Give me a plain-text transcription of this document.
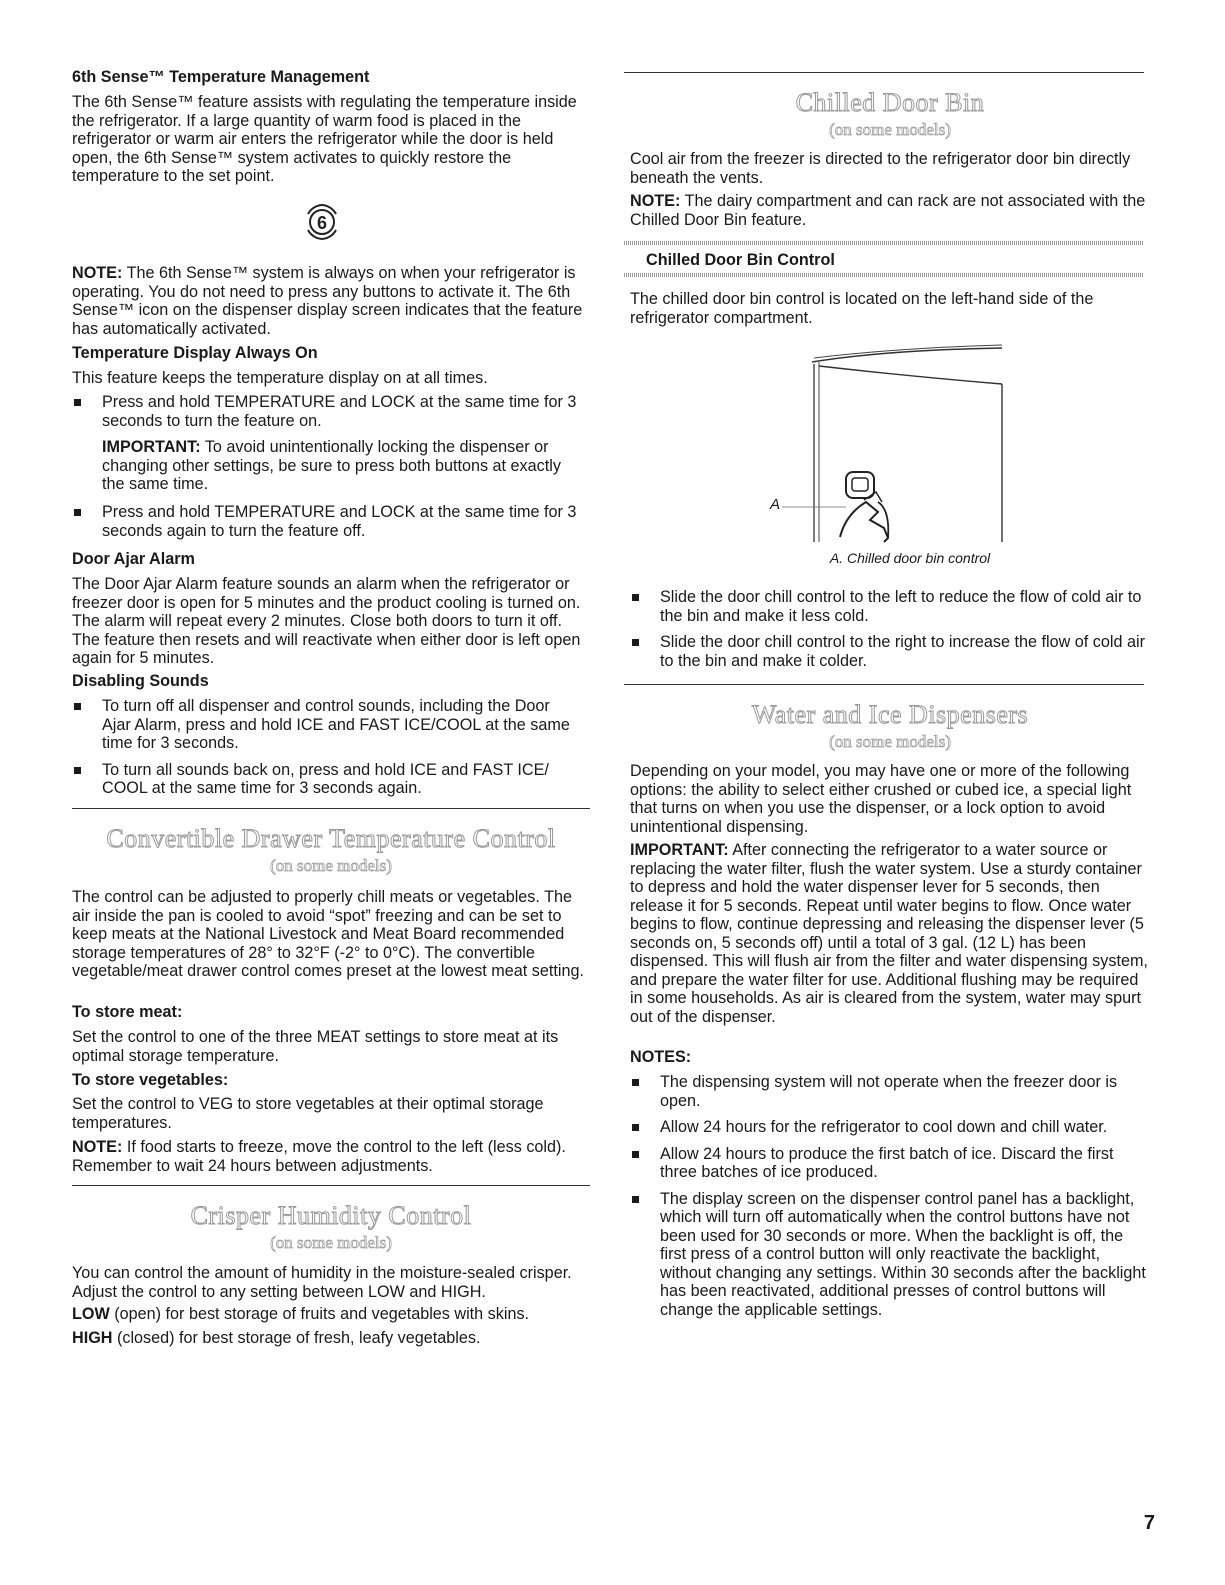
6th Sense™ Temperature Management

The 6th Sense™ feature assists with regulating the temperature inside the refrigerator. If a large quantity of warm food is placed in the refrigerator or warm air enters the refrigerator while the door is held open, the 6th Sense™ system activates to quickly restore the temperature to the set point.

6

NOTE: The 6th Sense™ system is always on when your refrigerator is operating. You do not need to press any buttons to activate it. The 6th Sense™ icon on the dispenser display screen indicates that the feature has automatically activated.

Temperature Display Always On

This feature keeps the temperature display on at all times.

Press and hold TEMPERATURE and LOCK at the same time for 3 seconds to turn the feature on.

IMPORTANT: To avoid unintentionally locking the dispenser or changing other settings, be sure to press both buttons at exactly the same time.

Press and hold TEMPERATURE and LOCK at the same time for 3 seconds again to turn the feature off.

Door Ajar Alarm

The Door Ajar Alarm feature sounds an alarm when the refrigerator or freezer door is open for 5 minutes and the product cooling is turned on. The alarm will repeat every 2 minutes. Close both doors to turn it off. The feature then resets and will reactivate when either door is left open again for 5 minutes.

Disabling Sounds

To turn off all dispenser and control sounds, including the Door Ajar Alarm, press and hold ICE and FAST ICE/COOL at the same time for 3 seconds.
To turn all sounds back on, press and hold ICE and FAST ICE/ COOL at the same time for 3 seconds again.
Convertible Drawer Temperature Control
(on some models)

The control can be adjusted to properly chill meats or vegetables. The air inside the pan is cooled to avoid “spot” freezing and can be set to keep meats at the National Livestock and Meat Board recommended storage temperatures of 28° to 32°F (-2° to 0°C). The convertible vegetable/meat drawer control comes preset at the lowest meat setting.

To store meat:

Set the control to one of the three MEAT settings to store meat at its optimal storage temperature.

To store vegetables:

Set the control to VEG to store vegetables at their optimal storage temperatures.

NOTE: If food starts to freeze, move the control to the left (less cold). Remember to wait 24 hours between adjustments.

Crisper Humidity Control
(on some models)

You can control the amount of humidity in the moisture-sealed crisper. Adjust the control to any setting between LOW and HIGH.

LOW (open) for best storage of fruits and vegetables with skins.

HIGH (closed) for best storage of fresh, leafy vegetables.

Chilled Door Bin
(on some models)

Cool air from the freezer is directed to the refrigerator door bin directly beneath the vents.

NOTE: The dairy compartment and can rack are not associated with the Chilled Door Bin feature.

Chilled Door Bin Control

The chilled door bin control is located on the left-hand side of the refrigerator compartment.

A
A. Chilled door bin control
Slide the door chill control to the left to reduce the flow of cold air to the bin and make it less cold.
Slide the door chill control to the right to increase the flow of cold air to the bin and make it colder.
Water and Ice Dispensers
(on some models)

Depending on your model, you may have one or more of the following options: the ability to select either crushed or cubed ice, a special light that turns on when you use the dispenser, or a lock option to avoid unintentional dispensing.

IMPORTANT: After connecting the refrigerator to a water source or replacing the water filter, flush the water system. Use a sturdy container to depress and hold the water dispenser lever for 5 seconds, then release it for 5 seconds. Repeat until water begins to flow. Once water begins to flow, continue depressing and releasing the dispenser lever (5 seconds on, 5 seconds off) until a total of 3 gal. (12 L) has been dispensed. This will flush air from the filter and water dispensing system, and prepare the water filter for use. Additional flushing may be required in some households. As air is cleared from the system, water may spurt out of the dispenser.

NOTES:

The dispensing system will not operate when the freezer door is open.
Allow 24 hours for the refrigerator to cool down and chill water.
Allow 24 hours to produce the first batch of ice. Discard the first three batches of ice produced.
The display screen on the dispenser control panel has a backlight, which will turn off automatically when the control buttons have not been used for 30 seconds or more. When the backlight is off, the first press of a control button will only reactivate the backlight, without changing any settings. Within 30 seconds after the backlight has been reactivated, additional presses of control buttons will change the applicable settings.
7
